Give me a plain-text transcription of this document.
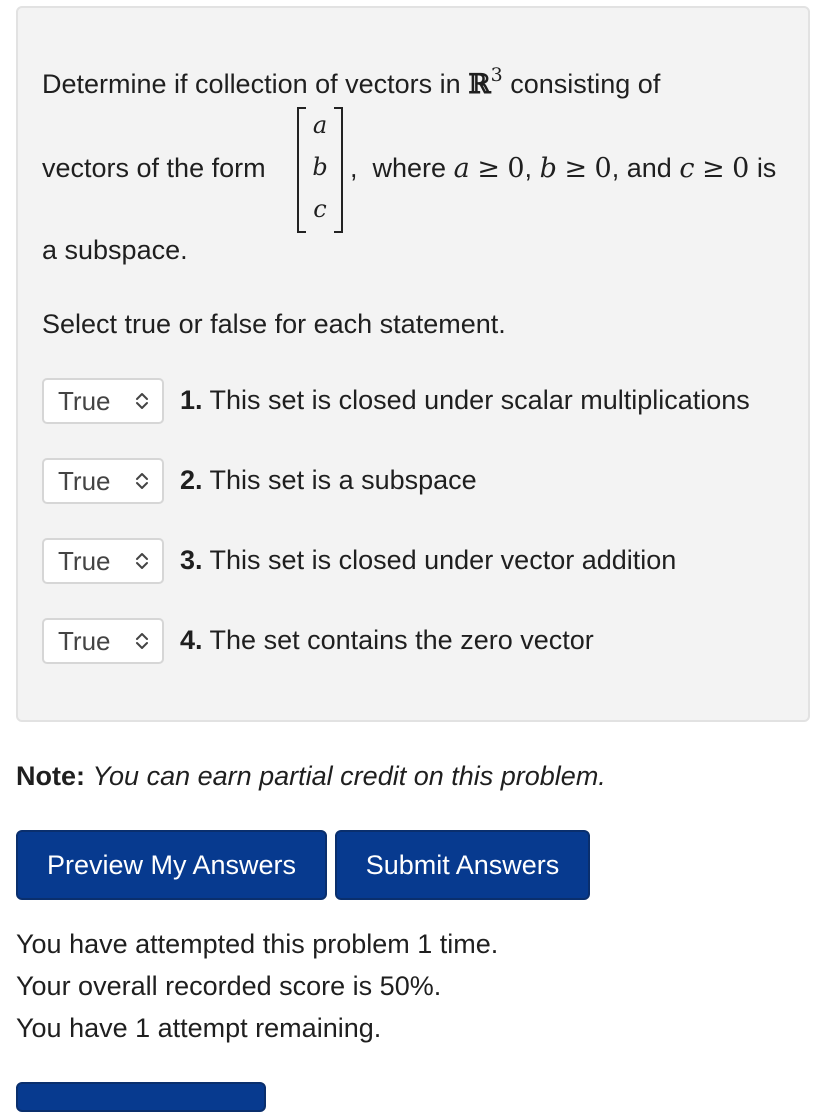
Determine if collection of vectors in ℝ$^3$ consisting of
vectors of the form
a
b
c
, where a ≥ 0, b ≥ 0, and c ≥ 0 is
a subspace.
Select true or false for each statement.
True	1. This set is closed under scalar multiplications
True	2. This set is a subspace
True	3. This set is closed under vector addition
True	4. The set contains the zero vector
Note: You can earn partial credit on this problem.
Preview My Answers	Submit Answers
You have attempted this problem 1 time.
Your overall recorded score is 50%.
You have 1 attempt remaining.
